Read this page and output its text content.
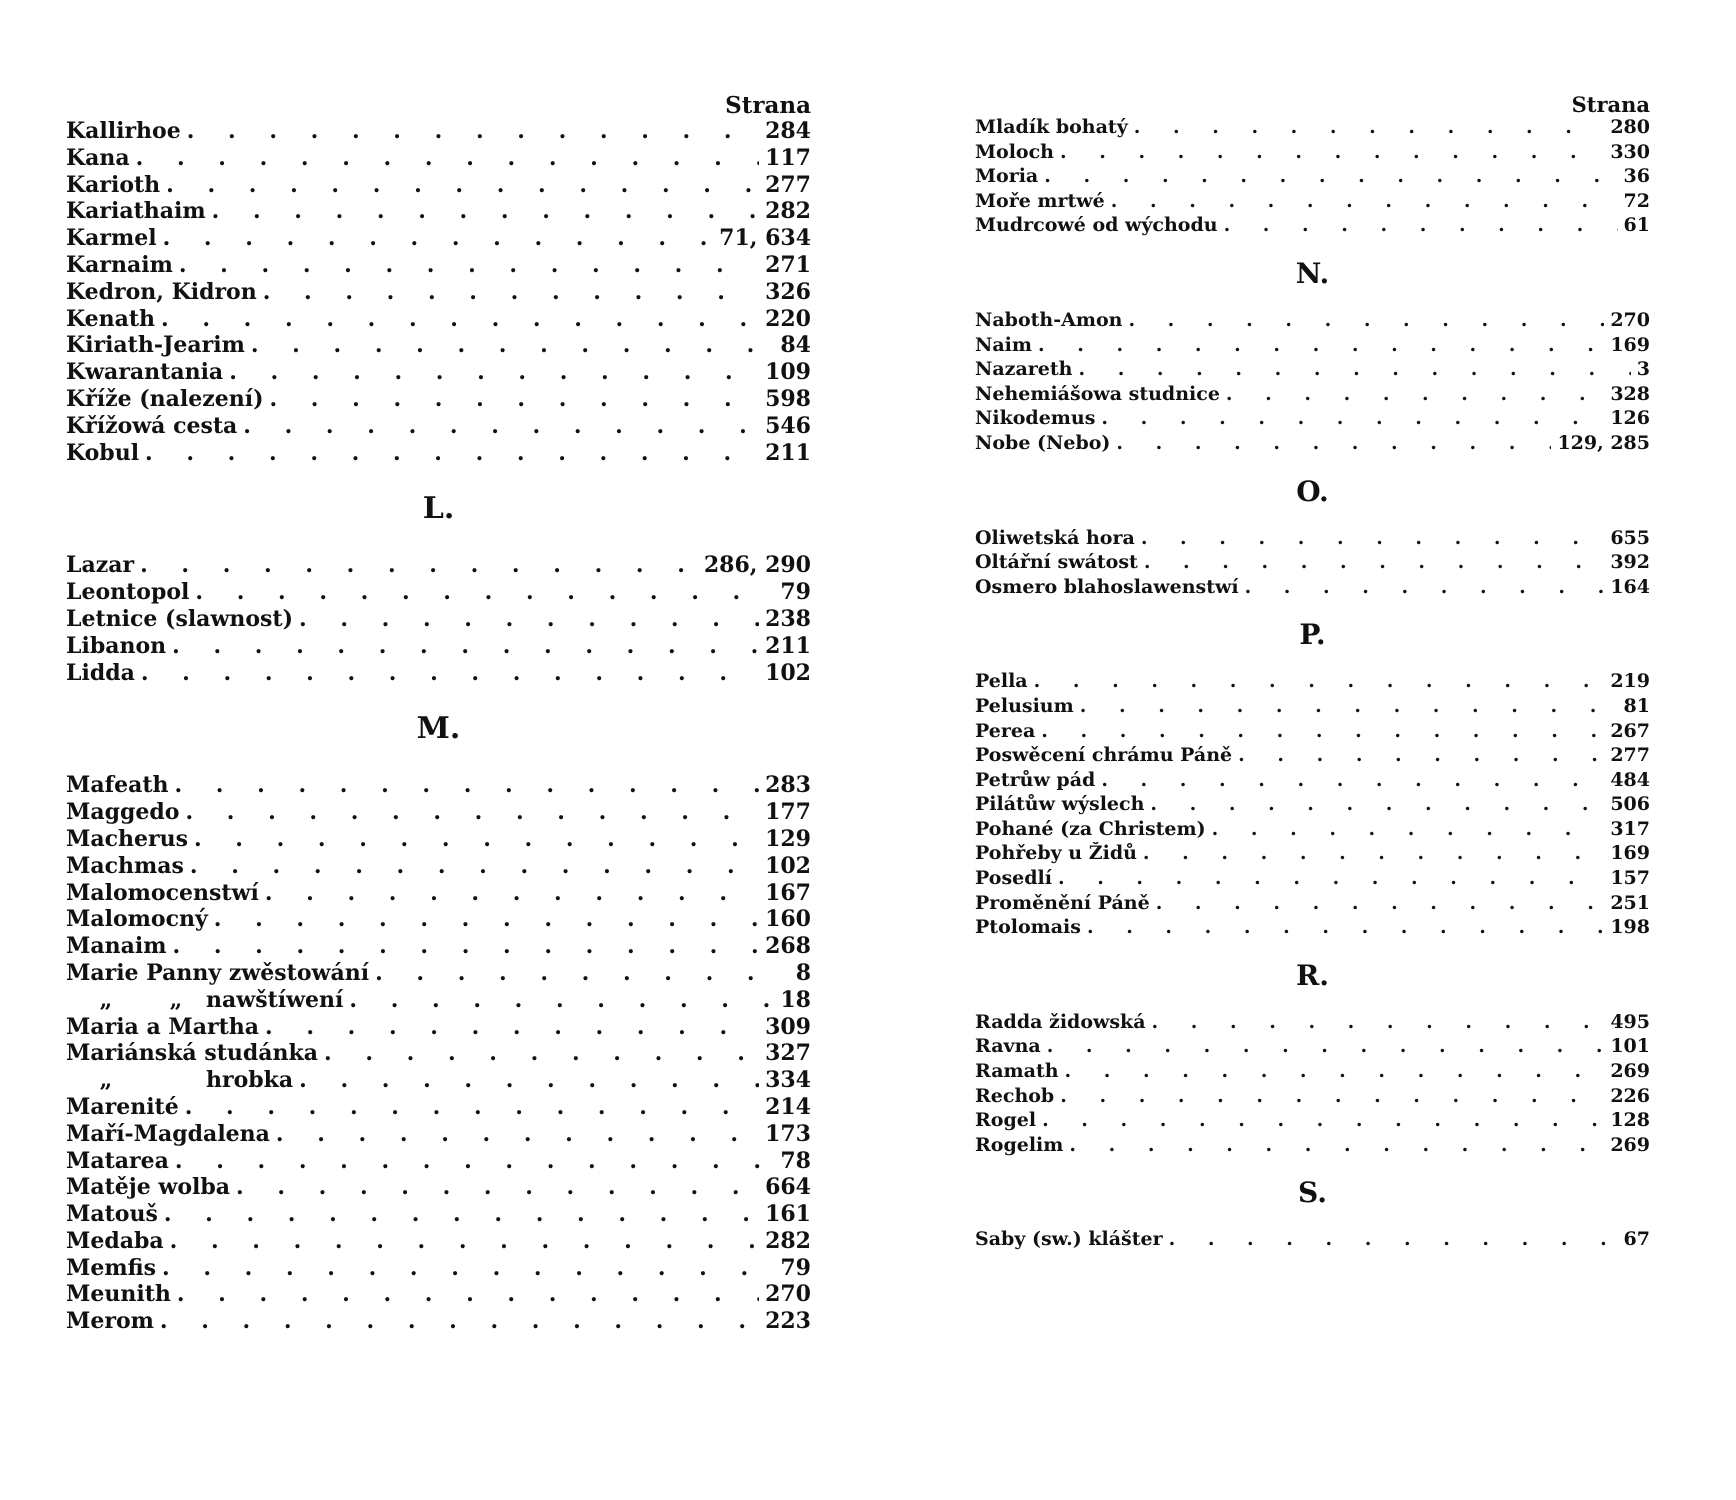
Strana
Kallirhoe . . .	284
Kana . . .	117
Karioth . . .	277
Kariathaim . . .	282
Karmel . . .	71, 634
Karnaim . . .	271
Kedron, Kidron . . .	326
Kenath . . .	220
Kiriath-Jearim . . .	84
Kwarantania . . .	109
Kříže (nalezení) . . .	598
Křížowá cesta . . .	546
Kobul . . .	211
L.
Lazar . . .	286, 290
Leontopol . . .	79
Letnice (slawnost) . . .	238
Libanon . . .	211
Lidda . . .	102
M.
Mafeath . . .	283
Maggedo . . .	177
Macherus . . .	129
Machmas . . .	102
Malomocenstwí . . .	167
Malomocný . . .	160
Manaim . . .	268
Marie Panny zwěstowání . . .	8
„	„	nawštíwení . . .	18
Maria a Martha . . .	309
Mariánská studánka . . .	327
„	hrobka . . .	334
Marenité . . .	214
Maří-Magdalena . . .	173
Matarea . . .	78
Matěje wolba . . .	664
Matouš . . .	161
Medaba . . .	282
Memfis . . .	79
Meunith . . .	270
Merom . . .	223
Strana
Mladík bohatý . . .	280
Moloch . . .	330
Moria . . .	36
Moře mrtwé . . .	72
Mudrcowé od wýchodu . . .	61
N.
Naboth-Amon . . .	270
Naim . . .	169
Nazareth . . .	3
Nehemiášowa studnice . . .	328
Nikodemus . . .	126
Nobe (Nebo) . . .	129, 285
O.
Oliwetská hora . . .	655
Oltářní swátost . . .	392
Osmero blahoslawenstwí . . .	164
P.
Pella . . .	219
Pelusium . . .	81
Perea . . .	267
Poswěcení chrámu Páně . . .	277
Petrůw pád . . .	484
Pilátůw wýslech . . .	506
Pohané (za Christem) . . .	317
Pohřeby u Židů . . .	169
Posedlí . . .	157
Proměnění Páně . . .	251
Ptolomais . . .	198
R.
Radda židowská . . .	495
Ravna . . .	101
Ramath . . .	269
Rechob . . .	226
Rogel . . .	128
Rogelim . . .	269
S.
Saby (sw.) klášter . . .	67
